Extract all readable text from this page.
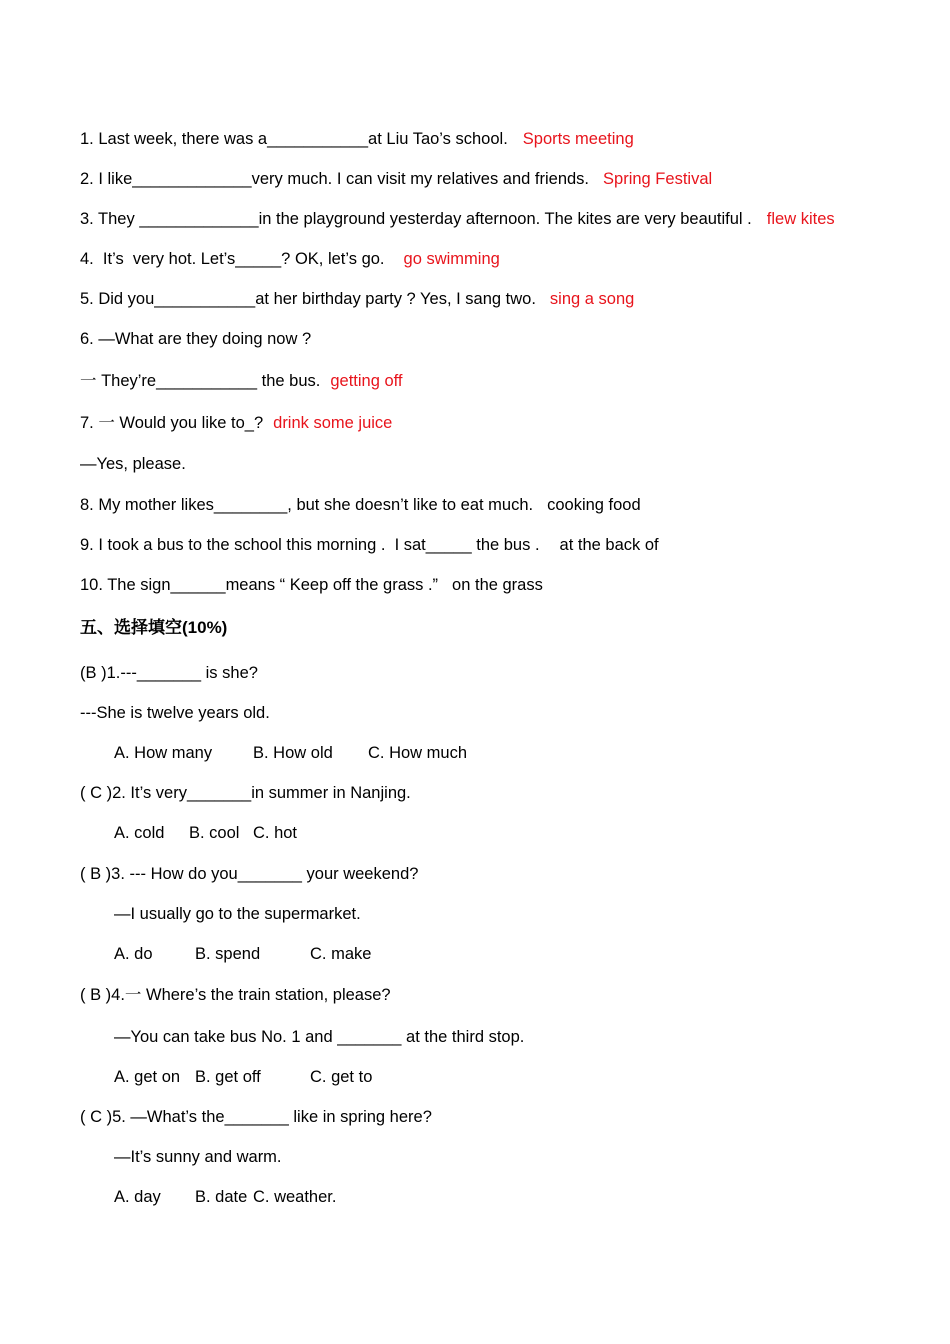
1. Last week, there was a___________at Liu Tao’s school. Sports meeting
2. I like_____________very much. I can visit my relatives and friends. Spring Festival
3. They _____________in the playground yesterday afternoon. The kites are very beautiful . flew kites
4.  It’s  very hot. Let’s_____? OK, let’s go. go swimming
5. Did you___________at her birthday party ? Yes, I sang two. sing a song
6. —What are they doing now ?
一 They’re___________ the bus. getting off
7. 一 Would you like to_? drink some juice
—Yes, please.
8. My mother likes________, but she doesn’t like to eat much. cooking food
9. I took a bus to the school this morning .  I sat_____ the bus . at the back of
10. The sign______means “ Keep off the grass .” on the grass
五、选择填空(10%)
(B )1.---_______ is she?
---She is twelve years old.
A. How many B. How old C. How much
( C )2. It’s very_______in summer in Nanjing.
A. cold B. cool C. hot
( B )3. --- How do you_______ your weekend?
—I usually go to the supermarket.
A. do	B. spend	C. make
( B )4.一 Where’s the train station, please?
—You can take bus No. 1 and _______ at the third stop.
A. get on B. get off	C. get to
( C )5. —What’s the_______ like in spring here?
—It’s sunny and warm.
A. day B. date C. weather.
